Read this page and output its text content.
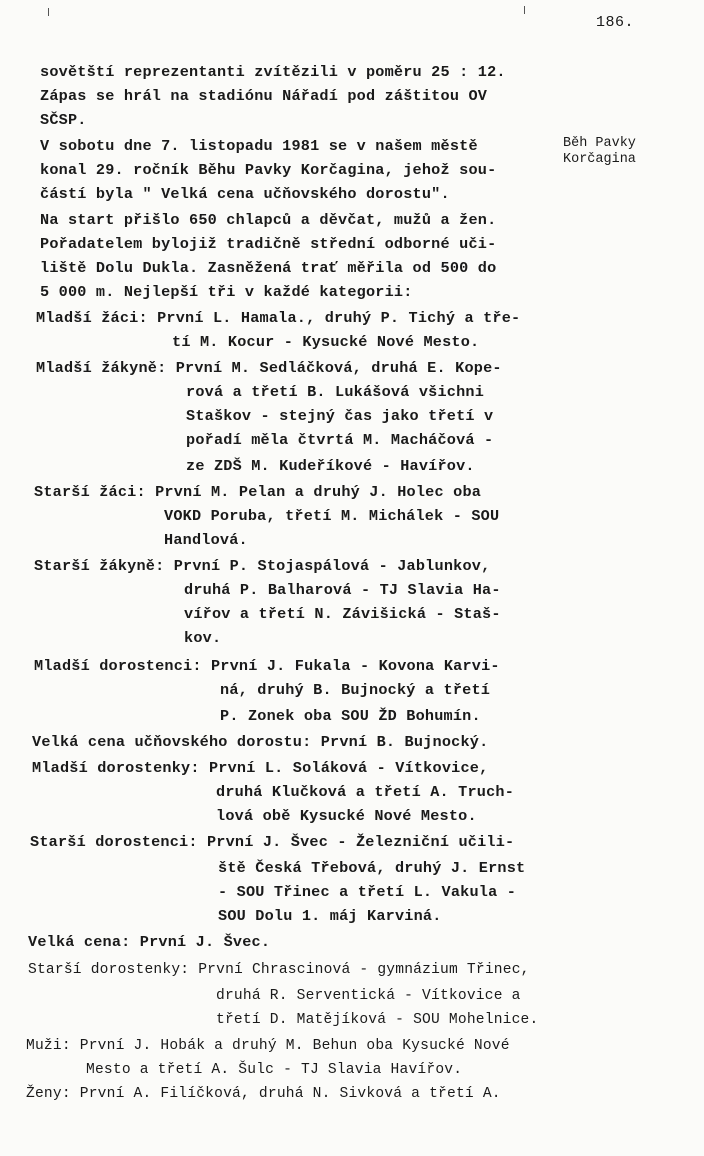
186.
Běh Pavky
Korčagina
sovětští reprezentanti zvítězili v poměru 25 : 12.
Zápas se hrál na stadiónu Nářadí pod záštitou OV
SČSP.
V sobotu dne 7. listopadu 1981 se v našem městě
konal 29. ročník Běhu Pavky Korčagina, jehož sou-
částí byla " Velká cena učňovského dorostu".
Na start přišlo 650 chlapců a děvčat, mužů a žen.
Pořadatelem bylojiž tradičně střední odborné uči-
liště Dolu Dukla. Zasněžená trať měřila od 500 do
5 000 m. Nejlepší tři v každé kategorii:
Mladší žáci: První L. Hamala., druhý P. Tichý a tře-
tí M. Kocur - Kysucké Nové Mesto.
Mladší žákyně: První M. Sedláčková, druhá E. Kope-
rová a třetí B. Lukášová všichni
Staškov - stejný čas jako třetí v
pořadí měla čtvrtá M. Macháčová -
ze ZDŠ M. Kudeříkové - Havířov.
Starší žáci: První M. Pelan a druhý J. Holec oba
VOKD Poruba, třetí M. Michálek - SOU
Handlová.
Starší žákyně: První P. Stojaspálová - Jablunkov,
druhá P. Balharová - TJ Slavia Ha-
vířov a třetí N. Závišická - Staš-
kov.
Mladší dorostenci: První J. Fukala - Kovona Karvi-
ná, druhý B. Bujnocký a třetí
P. Zonek oba SOU ŽD Bohumín.
Velká cena učňovského dorostu: První B. Bujnocký.
Mladší dorostenky: První L. Soláková - Vítkovice,
druhá Klučková a třetí A. Truch-
lová obě Kysucké Nové Mesto.
Starší dorostenci: První J. Švec - Železniční učili-
ště Česká Třebová, druhý J. Ernst
- SOU Třinec a třetí L. Vakula -
SOU Dolu 1. máj Karviná.
Velká cena: První J. Švec.
Starší dorostenky: První Chrascinová - gymnázium Třinec,
druhá R. Serventická - Vítkovice a
třetí D. Matějíková - SOU Mohelnice.
Muži: První J. Hobák a druhý M. Behun oba Kysucké Nové
Mesto a třetí A. Šulc - TJ Slavia Havířov.
Ženy: První A. Filíčková, druhá N. Sivková a třetí A.
